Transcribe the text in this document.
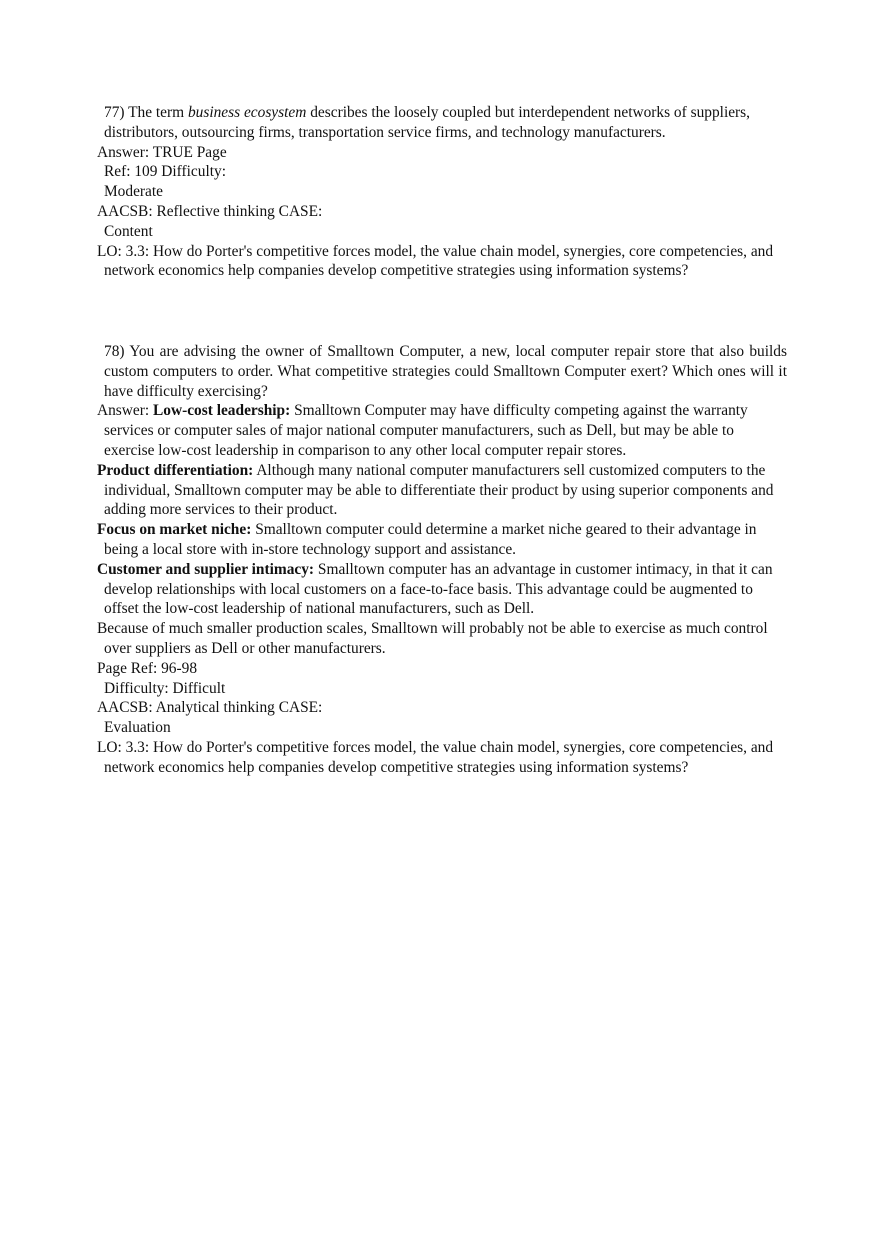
77) The term business ecosystem describes the loosely coupled but interdependent networks of suppliers, distributors, outsourcing firms, transportation service firms, and technology manufacturers.

Answer: TRUE Page
Ref: 109 Difficulty:
Moderate
AACSB: Reflective thinking CASE:
Content

LO: 3.3: How do Porter's competitive forces model, the value chain model, synergies, core competencies, and network economics help companies develop competitive strategies using information systems?

78) You are advising the owner of Smalltown Computer, a new, local computer repair store that also builds custom computers to order. What competitive strategies could Smalltown Computer exert? Which ones will it have difficulty exercising?

Answer: Low-cost leadership: Smalltown Computer may have difficulty competing against the warranty services or computer sales of major national computer manufacturers, such as Dell, but may be able to exercise low-cost leadership in comparison to any other local computer repair stores.

Product differentiation: Although many national computer manufacturers sell customized computers to the individual, Smalltown computer may be able to differentiate their product by using superior components and adding more services to their product.

Focus on market niche: Smalltown computer could determine a market niche geared to their advantage in being a local store with in-store technology support and assistance.

Customer and supplier intimacy: Smalltown computer has an advantage in customer intimacy, in that it can develop relationships with local customers on a face-to-face basis. This advantage could be augmented to offset the low-cost leadership of national manufacturers, such as Dell.

Because of much smaller production scales, Smalltown will probably not be able to exercise as much control over suppliers as Dell or other manufacturers.

Page Ref: 96-98
Difficulty: Difficult
AACSB: Analytical thinking CASE:
Evaluation

LO: 3.3: How do Porter's competitive forces model, the value chain model, synergies, core competencies, and network economics help companies develop competitive strategies using information systems?
